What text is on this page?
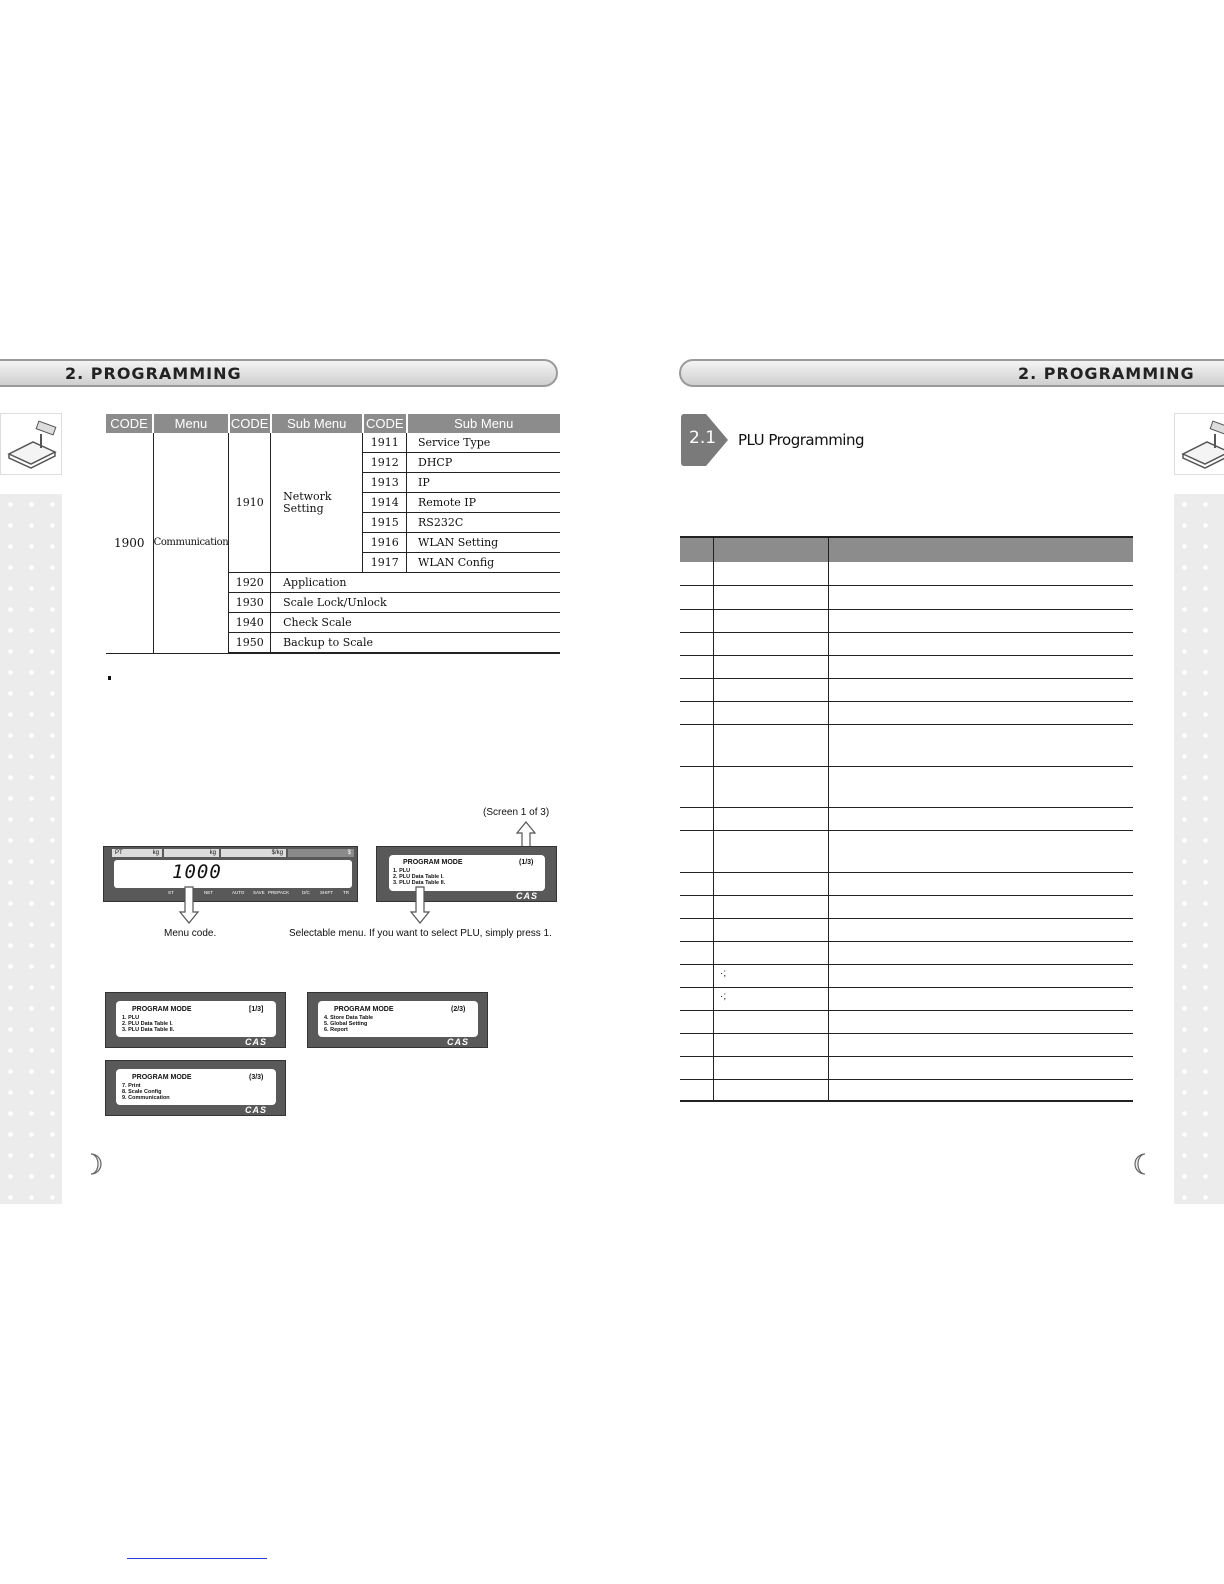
2. PROGRAMMING
CODE	Menu	CODE	Sub Menu	CODE	Sub Menu
1900	Communication	1910	Network Setting	1911	Service Type
				1912	DHCP
				1913	IP
				1914	Remote IP
				1915	RS232C
				1916	WLAN Setting
				1917	WLAN Config
		1920	Application		
		1930	Scale Lock/Unlock		
		1940	Check Scale		
		1950	Backup to Scale		
(Screen 1 of 3)
PT	kg	kg	$/kg	$
1000
ST	NET	AUTO SAVE PREPACK	D/C SHIFT TR
PROGRAM MODE	(1/3)
1. PLU
2. PLU Data Table I.
3. PLU Data Table II.
CAS
Menu code.	Selectable menu. If you want to select PLU, simply press 1.
PROGRAM MODE	[1/3]
1. PLU
2. PLU Data Table I.
3. PLU Data Table II.
CAS
PROGRAM MODE	(2/3)
4. Store Data Table
5. Global Setting
6. Report
CAS
PROGRAM MODE	(3/3)
7. Print
8. Scale Config
9. Communication
CAS
2. PROGRAMMING
2.1 PLU Programming
·;
·;
